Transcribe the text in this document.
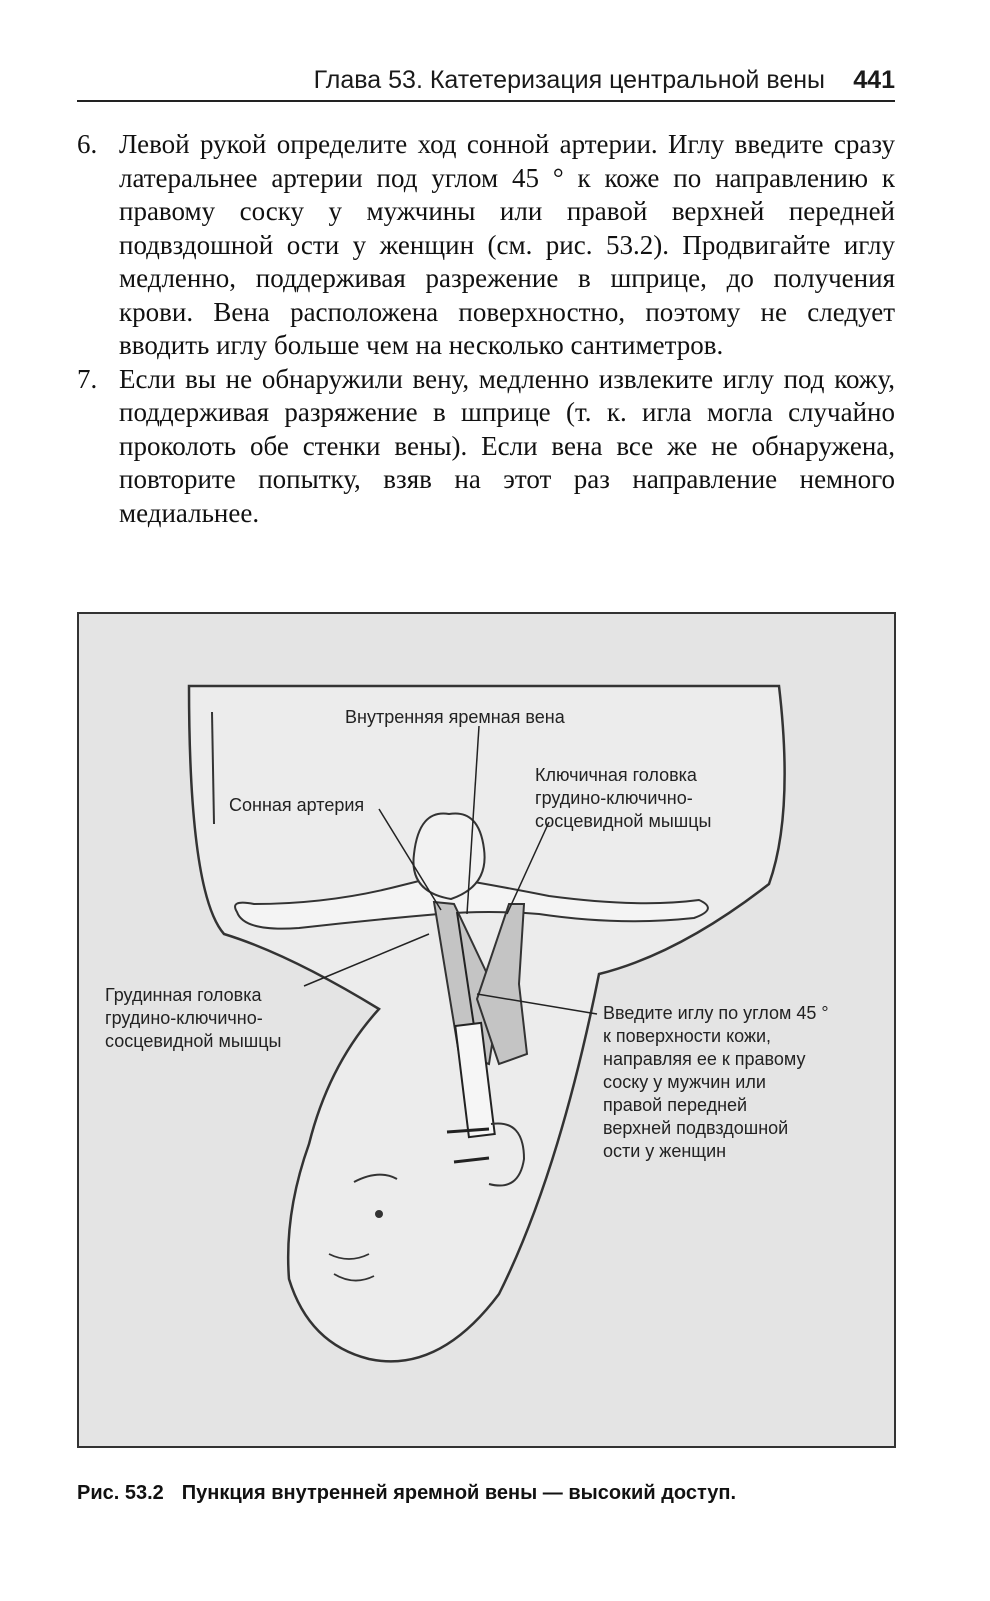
Глава 53. Катетеризация центральной вены 441
6. Левой рукой определите ход сонной артерии. Иглу введите сразу латеральнее артерии под углом 45 ° к коже по направлению к правому соску у мужчины или правой верхней передней подвздошной ости у женщин (см. рис. 53.2). Продвигайте иглу медленно, поддерживая разрежение в шприце, до получения крови. Вена расположена поверхностно, поэтому не следует вводить иглу больше чем на несколько сантиметров.
7. Если вы не обнаружили вену, медленно извлеките иглу под кожу, поддерживая разряжение в шприце (т. к. игла могла случайно проколоть обе стенки вены). Если вена все же не обнаружена, повторите попытку, взяв на этот раз направление немного медиальнее.
Внутренняя яремная вена
Сонная артерия
Ключичная головка
грудино-ключично-
сосцевидной мышцы
Грудинная головка
грудино-ключично-
сосцевидной мышцы
Введите иглу по углом 45 °
к поверхности кожи,
направляя ее к правому
соску у мужчин или
правой передней
верхней подвздошной
ости у женщин
Рис. 53.2 Пункция внутренней яремной вены — высокий доступ.
